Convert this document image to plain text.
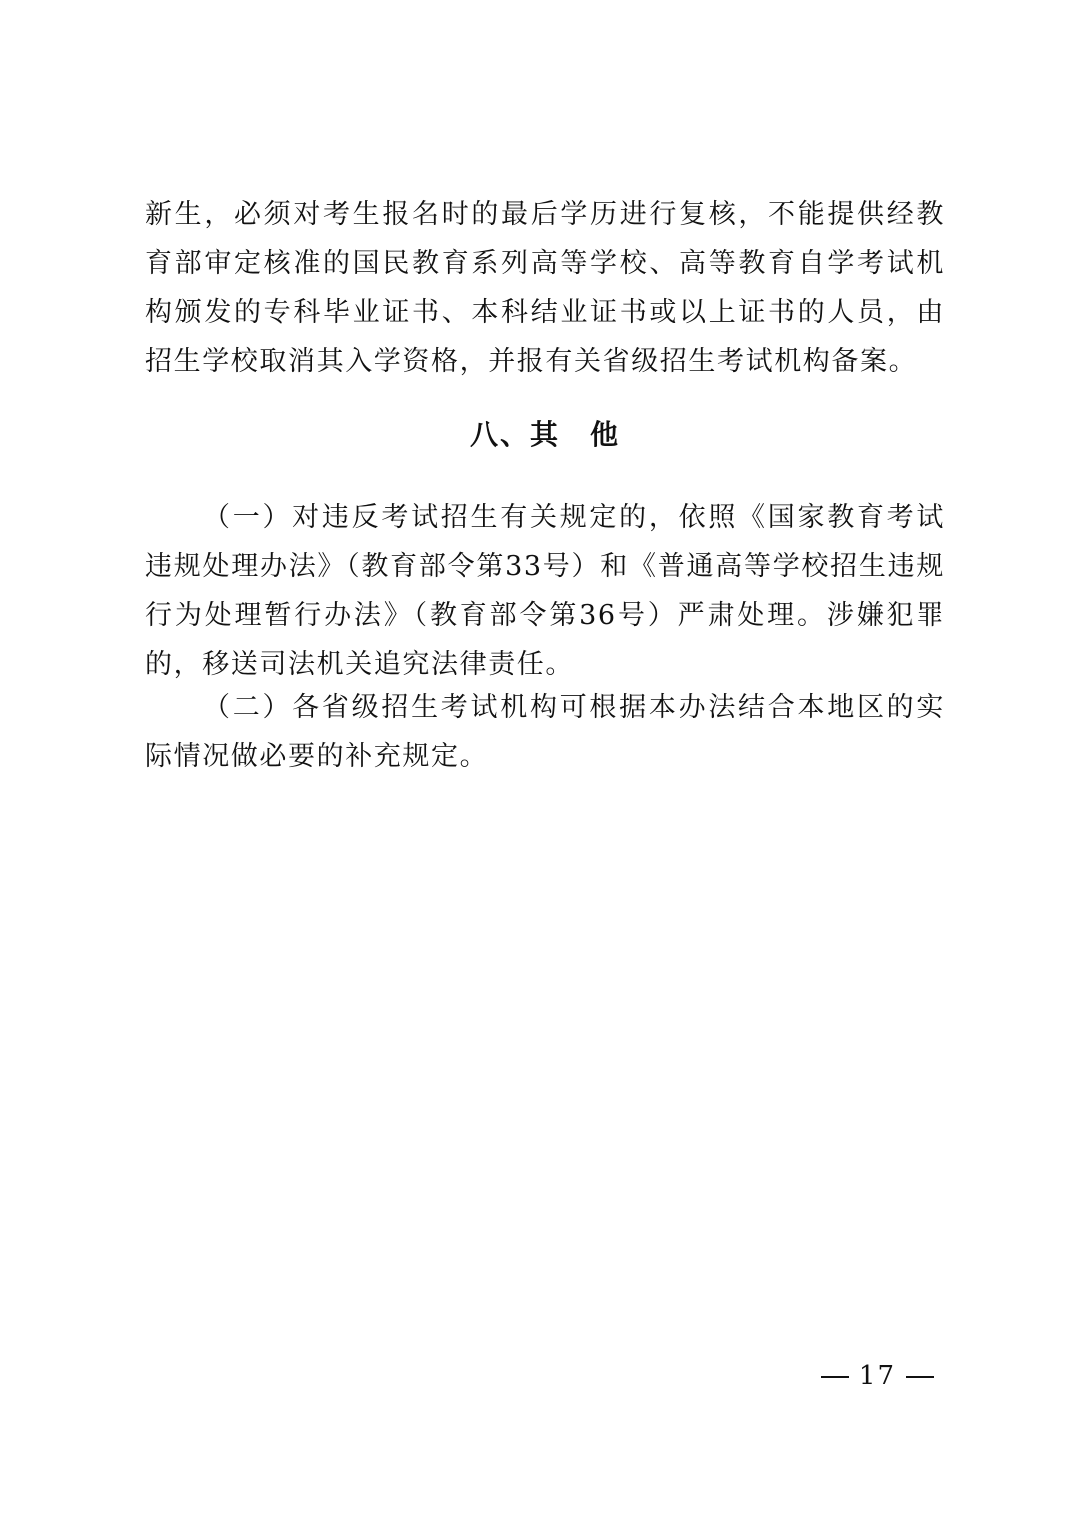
新生，必须对考生报名时的最后学历进行复核，不能提供经教育部审定核准的国民教育系列高等学校、高等教育自学考试机构颁发的专科毕业证书、本科结业证书或以上证书的人员，由招生学校取消其入学资格，并报有关省级招生考试机构备案。

八、其　他

（一）对违反考试招生有关规定的，依照《国家教育考试违规处理办法》（教育部令第33号）和《普通高等学校招生违规行为处理暂行办法》（教育部令第36号）严肃处理。涉嫌犯罪的，移送司法机关追究法律责任。

（二）各省级招生考试机构可根据本办法结合本地区的实际情况做必要的补充规定。

17
